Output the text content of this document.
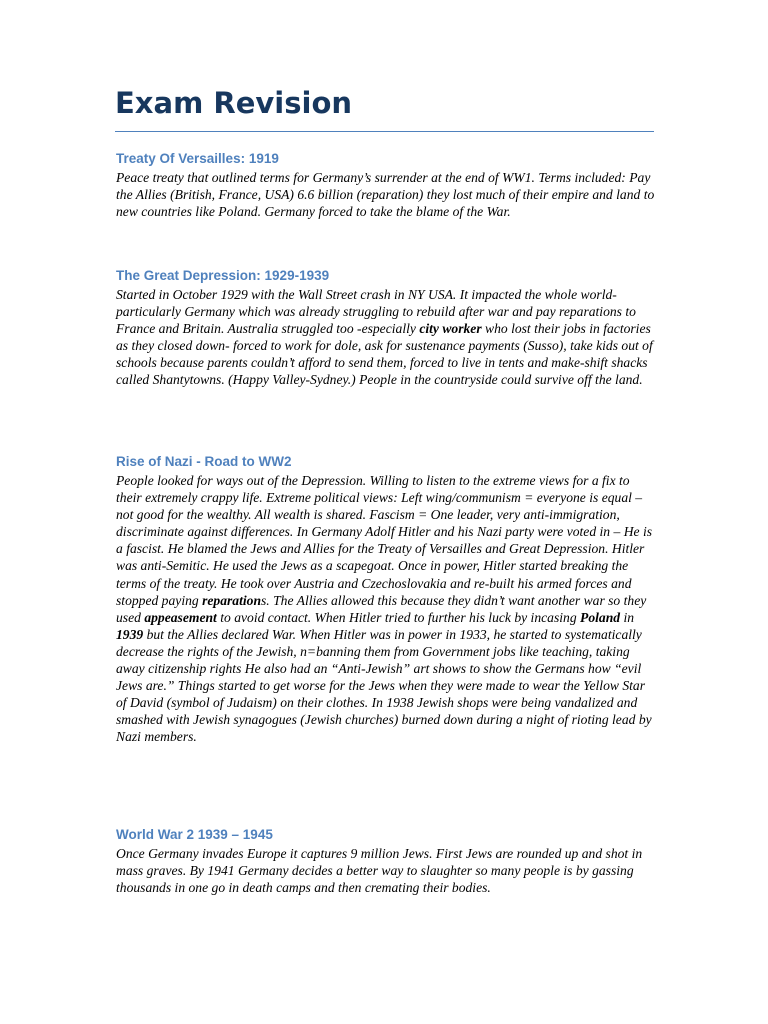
Exam Revision
Treaty Of Versailles: 1919

Peace treaty that outlined terms for Germany’s surrender at the end of WW1. Terms included: Pay the Allies (British, France, USA) 6.6 billion (reparation) they lost much of their empire and land to new countries like Poland. Germany forced to take the blame of the War.

The Great Depression: 1929-1939

Started in October 1929 with the Wall Street crash in NY USA. It impacted the whole world- particularly Germany which was already struggling to rebuild after war and pay reparations to France and Britain. Australia struggled too -especially city worker who lost their jobs in factories as they closed down- forced to work for dole, ask for sustenance payments (Susso), take kids out of schools because parents couldn’t afford to send them, forced to live in tents and make-shift shacks called Shantytowns. (Happy Valley-Sydney.) People in the countryside could survive off the land.

Rise of Nazi - Road to WW2

People looked for ways out of the Depression. Willing to listen to the extreme views for a fix to their extremely crappy life. Extreme political views: Left wing/communism = everyone is equal –not good for the wealthy. All wealth is shared. Fascism = One leader, very anti-immigration, discriminate against differences. In Germany Adolf Hitler and his Nazi party were voted in – He is a fascist. He blamed the Jews and Allies for the Treaty of Versailles and Great Depression. Hitler was anti-Semitic. He used the Jews as a scapegoat. Once in power, Hitler started breaking the terms of the treaty. He took over Austria and Czechoslovakia and re-built his armed forces and stopped paying reparations. The Allies allowed this because they didn’t want another war so they used appeasement to avoid contact. When Hitler tried to further his luck by incasing Poland in 1939 but the Allies declared War. When Hitler was in power in 1933, he started to systematically decrease the rights of the Jewish, n=banning them from Government jobs like teaching, taking away citizenship rights He also had an “Anti-Jewish” art shows to show the Germans how “evil Jews are.” Things started to get worse for the Jews when they were made to wear the Yellow Star of David (symbol of Judaism) on their clothes. In 1938 Jewish shops were being vandalized and smashed with Jewish synagogues (Jewish churches) burned down during a night of rioting lead by Nazi members.

World War 2 1939 – 1945

Once Germany invades Europe it captures 9 million Jews. First Jews are rounded up and shot in mass graves. By 1941 Germany decides a better way to slaughter so many people is by gassing thousands in one go in death camps and then cremating their bodies.
